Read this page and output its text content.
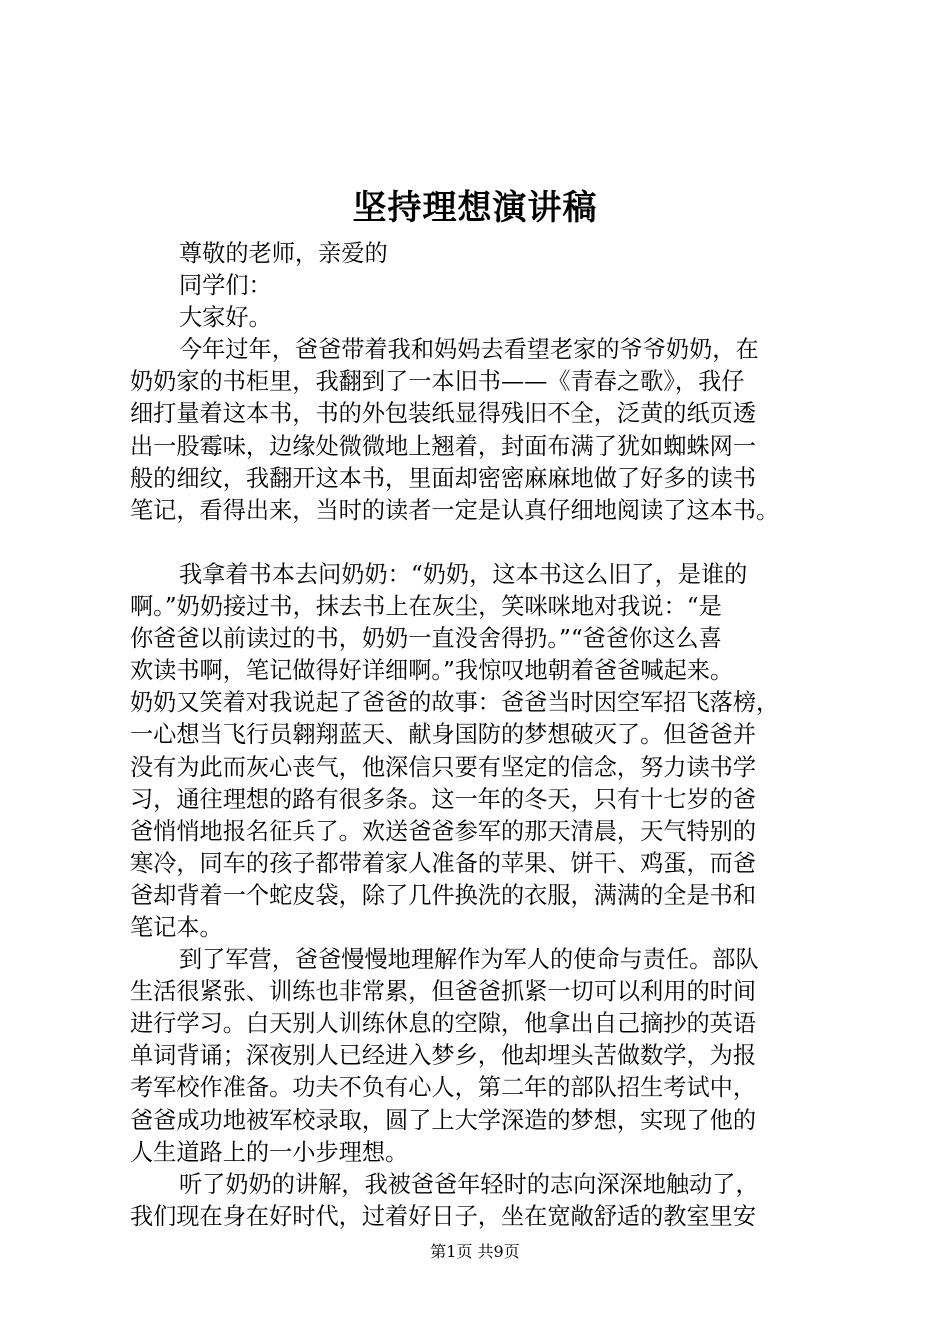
坚持理想演讲稿
尊敬的老师，亲爱的
同学们：
大家好。
今年过年，爸爸带着我和妈妈去看望老家的爷爷奶奶，在
奶奶家的书柜里，我翻到了一本旧书——《青春之歌》，我仔
细打量着这本书，书的外包装纸显得残旧不全，泛黄的纸页透
出一股霉味，边缘处微微地上翘着，封面布满了犹如蜘蛛网一
般的细纹，我翻开这本书，里面却密密麻麻地做了好多的读书
笔记，看得出来，当时的读者一定是认真仔细地阅读了这本书。
我拿着书本去问奶奶：“奶奶，这本书这么旧了，是谁的
啊。”奶奶接过书，抹去书上在灰尘，笑咪咪地对我说：“是
你爸爸以前读过的书，奶奶一直没舍得扔。”“爸爸你这么喜
欢读书啊，笔记做得好详细啊。”我惊叹地朝着爸爸喊起来。
奶奶又笑着对我说起了爸爸的故事：爸爸当时因空军招飞落榜，
一心想当飞行员翱翔蓝天、献身国防的梦想破灭了。但爸爸并
没有为此而灰心丧气，他深信只要有坚定的信念，努力读书学
习，通往理想的路有很多条。这一年的冬天，只有十七岁的爸
爸悄悄地报名征兵了。欢送爸爸参军的那天清晨，天气特别的
寒冷，同车的孩子都带着家人准备的苹果、饼干、鸡蛋，而爸
爸却背着一个蛇皮袋，除了几件换洗的衣服，满满的全是书和
笔记本。
到了军营，爸爸慢慢地理解作为军人的使命与责任。部队
生活很紧张、训练也非常累，但爸爸抓紧一切可以利用的时间
进行学习。白天别人训练休息的空隙，他拿出自己摘抄的英语
单词背诵；深夜别人已经进入梦乡，他却埋头苦做数学，为报
考军校作准备。功夫不负有心人，第二年的部队招生考试中，
爸爸成功地被军校录取，圆了上大学深造的梦想，实现了他的
人生道路上的一小步理想。
听了奶奶的讲解，我被爸爸年轻时的志向深深地触动了，
我们现在身在好时代，过着好日子，坐在宽敞舒适的教室里安
第1页 共9页
